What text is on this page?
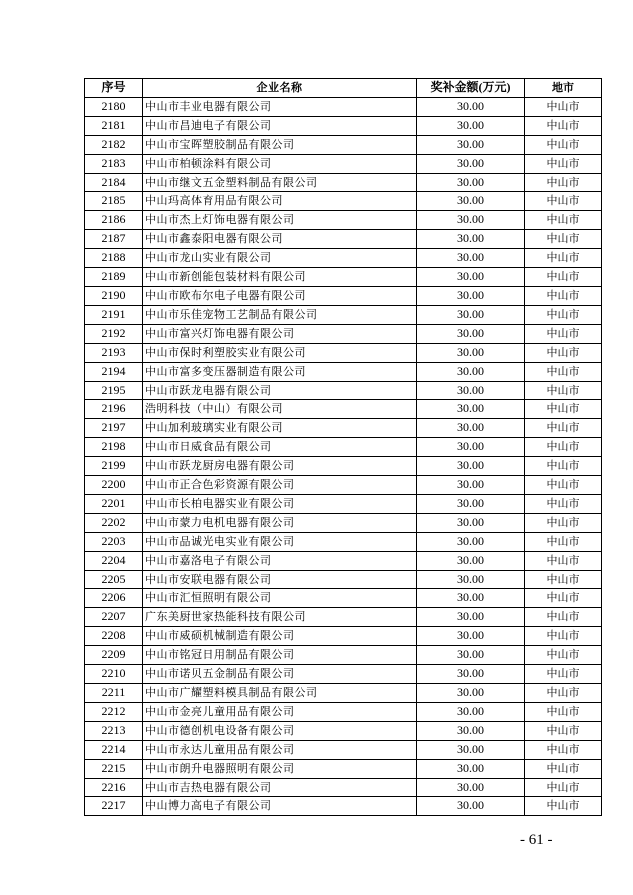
序号	企业名称	奖补金额(万元)	地市
2180	中山市丰业电器有限公司	30.00	中山市
2181	中山市昌迪电子有限公司	30.00	中山市
2182	中山市宝晖塑胶制品有限公司	30.00	中山市
2183	中山市柏顿涂料有限公司	30.00	中山市
2184	中山市继文五金塑料制品有限公司	30.00	中山市
2185	中山玛高体育用品有限公司	30.00	中山市
2186	中山市杰上灯饰电器有限公司	30.00	中山市
2187	中山市鑫泰阳电器有限公司	30.00	中山市
2188	中山市龙山实业有限公司	30.00	中山市
2189	中山市新创能包装材料有限公司	30.00	中山市
2190	中山市欧布尔电子电器有限公司	30.00	中山市
2191	中山市乐佳宠物工艺制品有限公司	30.00	中山市
2192	中山市富兴灯饰电器有限公司	30.00	中山市
2193	中山市保时利塑胶实业有限公司	30.00	中山市
2194	中山市富多变压器制造有限公司	30.00	中山市
2195	中山市跃龙电器有限公司	30.00	中山市
2196	浩明科技（中山）有限公司	30.00	中山市
2197	中山加利玻璃实业有限公司	30.00	中山市
2198	中山市日威食品有限公司	30.00	中山市
2199	中山市跃龙厨房电器有限公司	30.00	中山市
2200	中山市正合色彩资源有限公司	30.00	中山市
2201	中山市长柏电器实业有限公司	30.00	中山市
2202	中山市蒙力电机电器有限公司	30.00	中山市
2203	中山市品诚光电实业有限公司	30.00	中山市
2204	中山市嘉洛电子有限公司	30.00	中山市
2205	中山市安联电器有限公司	30.00	中山市
2206	中山市汇恒照明有限公司	30.00	中山市
2207	广东美厨世家热能科技有限公司	30.00	中山市
2208	中山市威硕机械制造有限公司	30.00	中山市
2209	中山市铭冠日用制品有限公司	30.00	中山市
2210	中山市诺贝五金制品有限公司	30.00	中山市
2211	中山市广耀塑料模具制品有限公司	30.00	中山市
2212	中山市金亮儿童用品有限公司	30.00	中山市
2213	中山市德创机电设备有限公司	30.00	中山市
2214	中山市永达儿童用品有限公司	30.00	中山市
2215	中山市朗升电器照明有限公司	30.00	中山市
2216	中山市吉热电器有限公司	30.00	中山市
2217	中山博力高电子有限公司	30.00	中山市
- 61 -
